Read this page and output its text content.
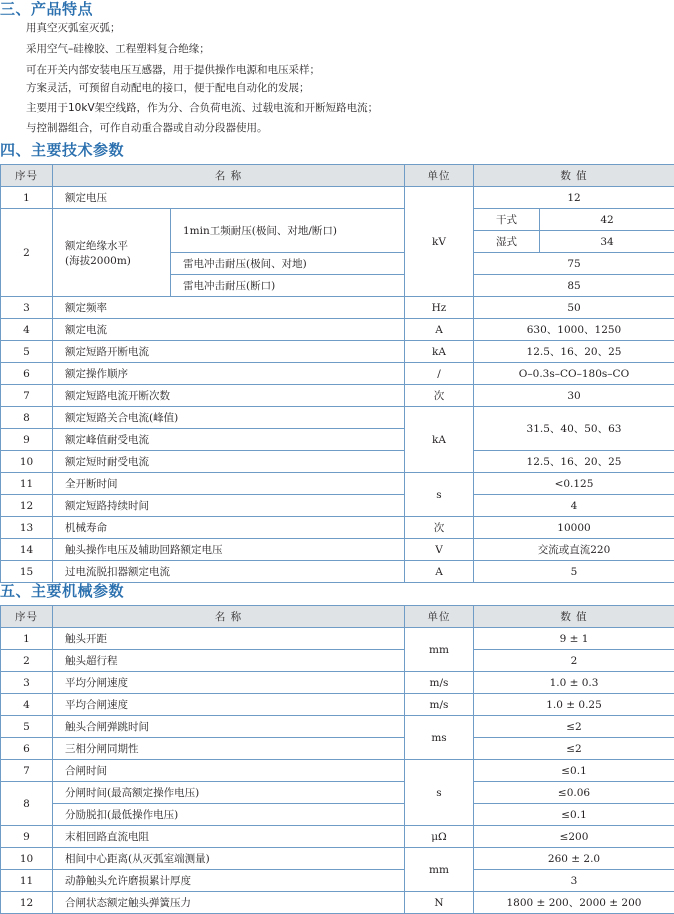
三、产品特点
用真空灭弧室灭弧；
采用空气–硅橡胶、工程塑料复合绝缘；
可在开关内部安装电压互感器，用于提供操作电源和电压采样；
方案灵活，可预留自动配电的接口，便于配电自动化的发展；
主要用于10kV架空线路，作为分、合负荷电流、过载电流和开断短路电流；
与控制器组合，可作自动重合器或自动分段器使用。
四、主要技术参数
序号	名 称		单位	数 值	
1	额定电压		kV	12	
2	额定绝缘水平
(海拔2000m)	1min工频耐压(极间、对地/断口)		干式	42
				湿式	34
		雷电冲击耐压(极间、对地)		75	
		雷电冲击耐压(断口)		85	
3	额定频率		Hz	50	
4	额定电流		A	630、1000、1250	
5	额定短路开断电流		kA	12.5、16、20、25	
6	额定操作顺序		/	O–0.3s–CO–180s–CO	
7	额定短路电流开断次数		次	30	
8	额定短路关合电流(峰值)		kA	31.5、40、50、63	
9	额定峰值耐受电流				
10	额定短时耐受电流			12.5、16、20、25	
11	全开断时间		s	<0.125	
12	额定短路持续时间			4	
13	机械寿命		次	10000	
14	触头操作电压及辅助回路额定电压		V	交流或直流220	
15	过电流脱扣器额定电流		A	5	
五、主要机械参数
序号	名 称	单位	数 值
1	触头开距	mm	9 ± 1
2	触头超行程		2
3	平均分闸速度	m/s	1.0 ± 0.3
4	平均合闸速度	m/s	1.0 ± 0.25
5	触头合闸弹跳时间	ms	≤2
6	三相分闸同期性		≤2
7	合闸时间	s	≤0.1
8	分闸时间(最高额定操作电压)		≤0.06
	分励脱扣(最低操作电压)		≤0.1
9	末相回路直流电阻	μΩ	≤200
10	相间中心距离(从灭弧室端测量)	mm	260 ± 2.0
11	动静触头允许磨损累计厚度		3
12	合闸状态额定触头弹簧压力	N	1800 ± 200、2000 ± 200
